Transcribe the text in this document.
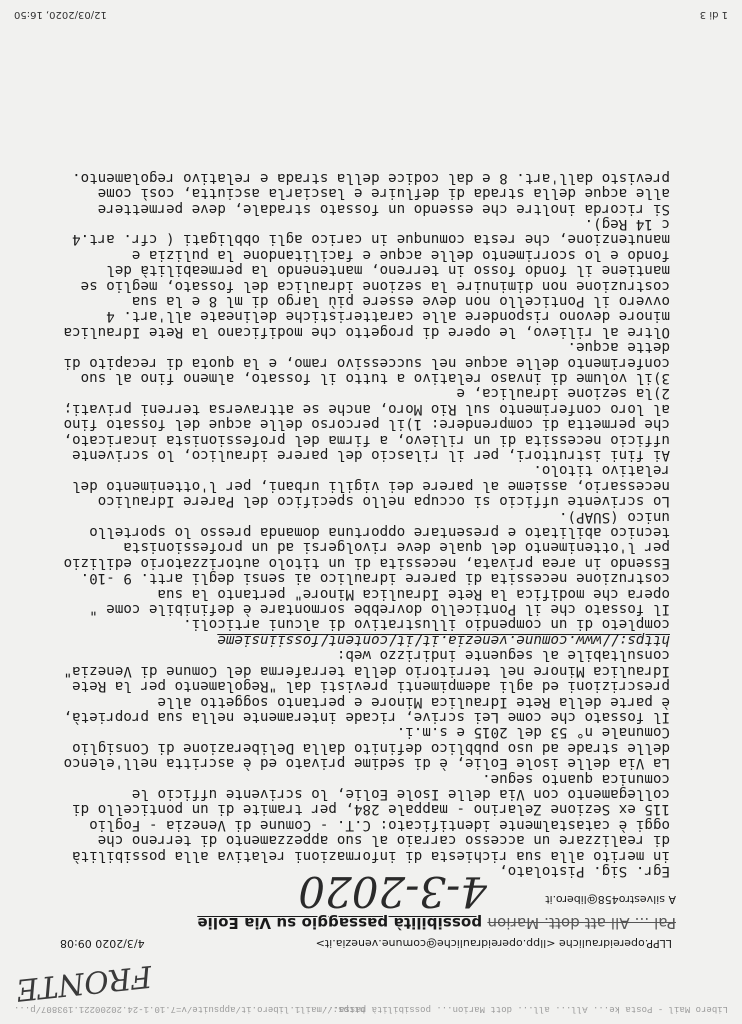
Libero Mail - Posta ke... All... all... dott Marion... possibilità passa...
https://mail1.libero.it/appsuite/v=7.10.1-24.20200221.193807/p...
FRONTE
LLPP.opereidrauliche <llpp.opereidrauliche@comune.venezia.it>
4/3/2020 09:08
Pal ... All att dott. Marion possibilità passaggio su Via Eolie
A silvestro458@libero.it
4-3-2020 Egr. Sig. Pistolato,

in merito alla sua richiesta di informazioni relativa alla possibilità di realizzare un accesso carraio al suo appezzamento di terreno che oggi è catastalmente identificato: C.T. - Comune di Venezia - Foglio 115 ex Sezione Zelarino - mappale 284, per tramite di un ponticello di collegamento con Via delle Isole Eolie, lo scrivente ufficio le comunica quanto segue.

La Via delle isole Eolie, è di sedime privato ed è ascritta nell'elenco delle strade ad uso pubblico definito dalla Deliberazione di Consiglio Comunale n° 53 del 2015 e s.m.i.

Il fossato che come Lei scrive, ricade interamente nella sua proprietà, è parte della Rete Idraulica Minore e pertanto soggetto alle prescrizioni ed agli adempimenti previsti dal "Regolamento per la Rete Idraulica Minore nel territorio della terraferma del Comune di Venezia" consultabile al seguente indirizzo web:

https://www.comune.venezia.it/it/content/fossiinsieme

completo di un compendio illustrativo di alcuni articoli.

Il fossato che il Ponticello dovrebbe sormontare è definibile come " opera che modifica la Rete Idraulica Minore" pertanto la sua costruzione necessita di parere idraulico ai sensi degli artt. 9 -10. Essendo in area privata, necessita di un titolo autorizzatorio edilizio per l'ottenimento del quale deve rivolgersi ad un professionista tecnico abilitato e presentare opportuna domanda presso lo sportello unico (SUAP).

Lo scrivente ufficio si occupa nello specifico del Parere Idraulico necessario, assieme al parere dei vigili urbani, per l'ottenimento del relativo titolo.

Ai fini istruttori, per il rilascio del parere idraulico, lo scrivente ufficio necessita di un rilievo, a firma del professionista incaricato, che permetta di comprendere: 1)il percorso delle acque del fossato fino al loro conferimento sul Rio Moro, anche se attraversa terreni privati;

2)la sezione idraulica, e

3)il volume di invaso relativo a tutto il fossato, almeno fino al suo conferimento delle acque nel successivo ramo, e la quota di recapito di dette acque.

Oltre al rilievo, le opere di progetto che modificano la Rete Idraulica minore devono rispondere alle caratteristiche delineate all'art. 4 ovvero il Ponticello non deve essere più largo di ml 8 e la sua costruzione non diminuire la sezione idraulica del fossato, meglio se mantiene il fondo fosso in terreno, mantenendo la permeabilità del fondo e lo scorrimento delle acque e facilitandone la pulizia e manutenzione, che resta comunque in carico agli obbligati ( cfr. art.4 c 14 Reg).

Si ricorda inoltre che essendo un fossato stradale, deve permettere alle acque della strada di defluire e lasciarla asciutta, così come previsto dall'art. 8 e dal codice della strada e relativo regolamento.

1 di 3
12/03/2020, 16:50
